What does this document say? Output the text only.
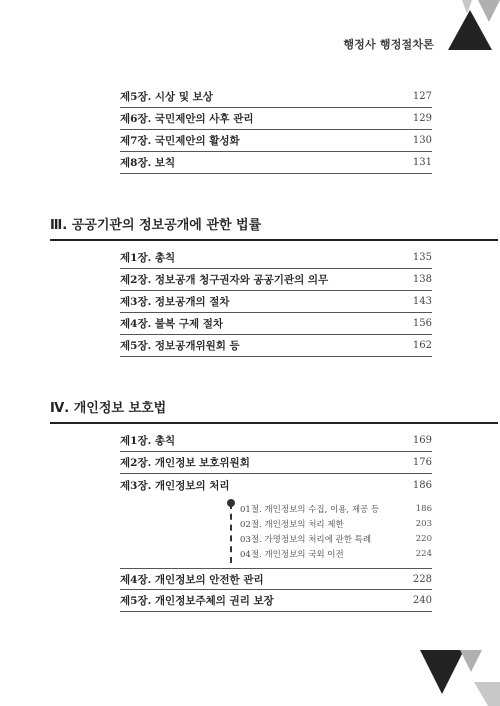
행정사 행정절차론
제5장. 시상 및 보상	127
제6장. 국민제안의 사후 관리	129
제7장. 국민제안의 활성화	130
제8장. 보칙	131
Ⅲ. 공공기관의 정보공개에 관한 법률
제1장. 총칙	135
제2장. 정보공개 청구권자와 공공기관의 의무	138
제3장. 정보공개의 절차	143
제4장. 불복 구제 절차	156
제5장. 정보공개위원회 등	162
Ⅳ. 개인정보 보호법
제1장. 총칙	169
제2장. 개인정보 보호위원회	176
제3장. 개인정보의 처리	186
01절. 개인정보의 수집, 이용, 제공 등	186
02절. 개인정보의 처리 제한	203
03절. 가명정보의 처리에 관한 특례	220
04절. 개인정보의 국외 이전	224
제4장. 개인정보의 안전한 관리	228
제5장. 개인정보주체의 권리 보장	240
